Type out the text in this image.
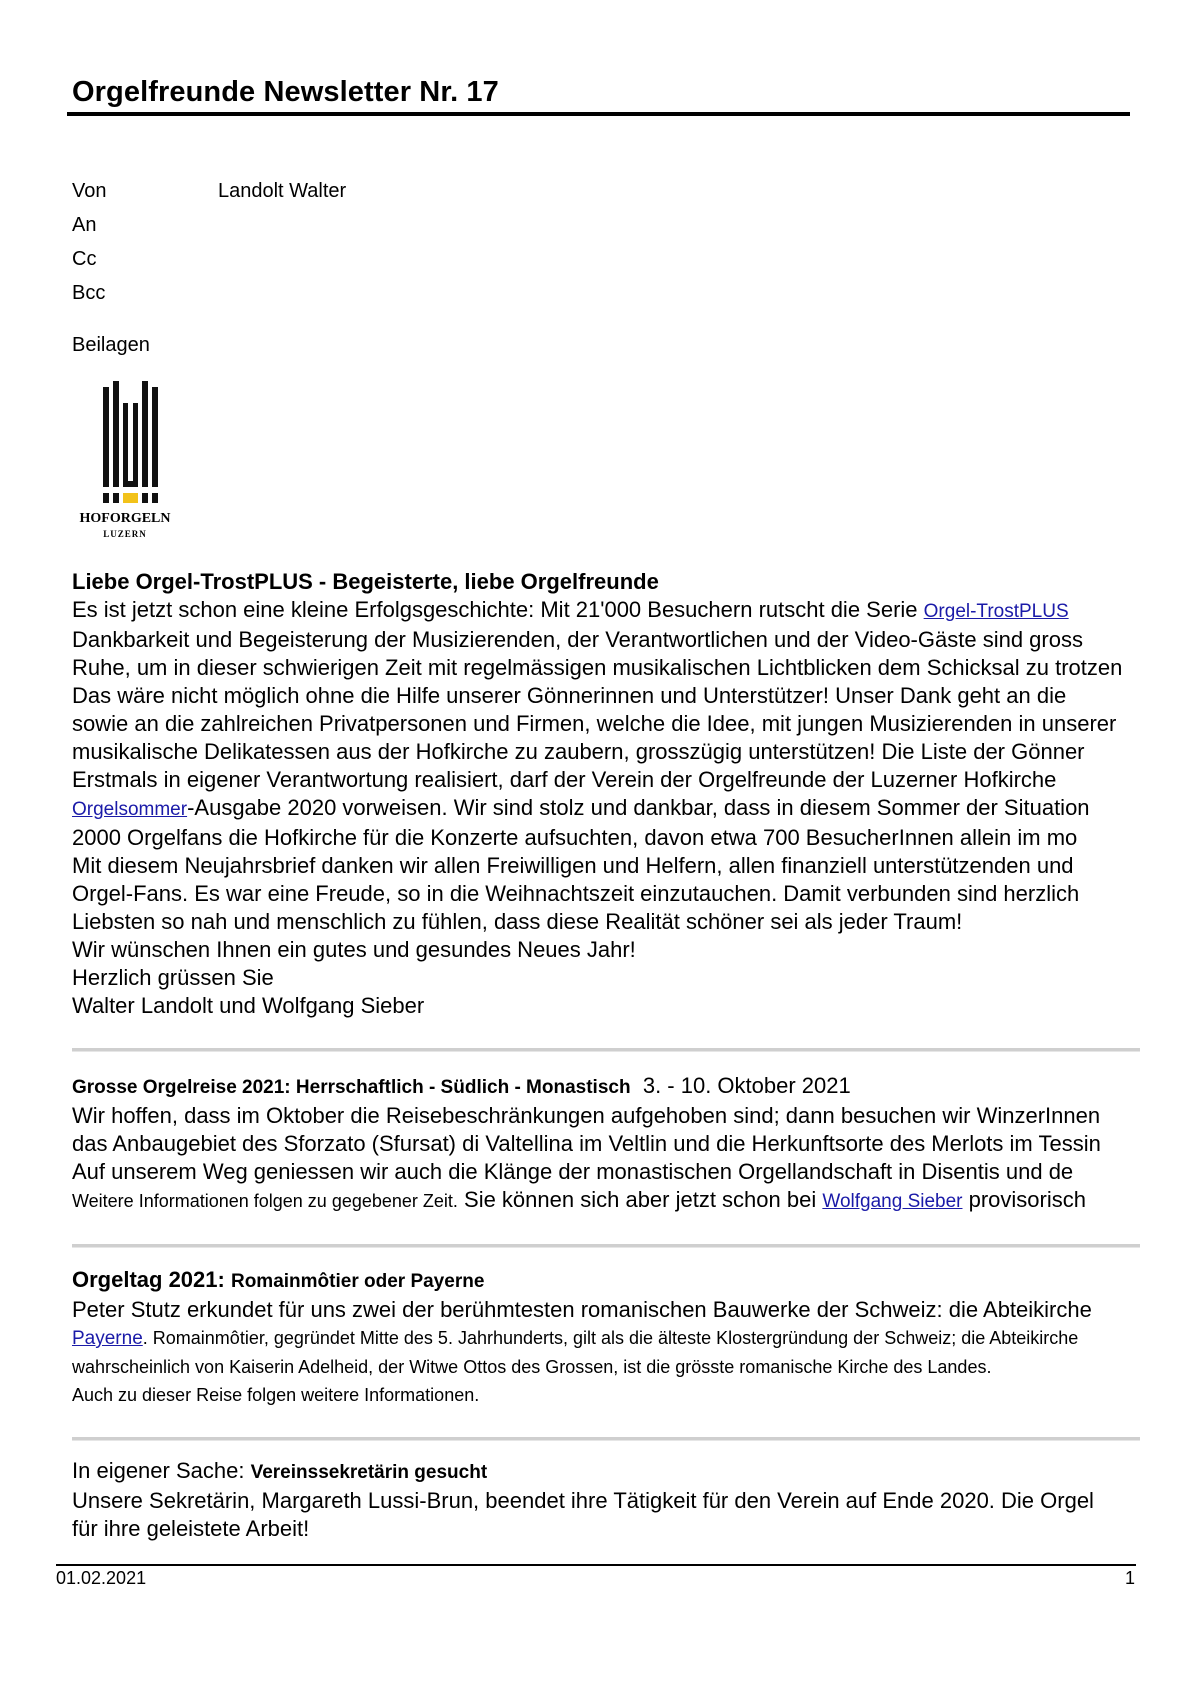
Orgelfreunde Newsletter Nr. 17
Von	Landolt Walter
An
Cc
Bcc
Beilagen
HOFORGELN
LUZERN
Liebe Orgel-TrostPLUS - Begeisterte, liebe Orgelfreunde
Es ist jetzt schon eine kleine Erfolgsgeschichte: Mit 21'000 Besuchern rutscht die Serie Orgel-TrostPLUS
Dankbarkeit und Begeisterung der Musizierenden, der Verantwortlichen und der Video-Gäste sind gross
Ruhe, um in dieser schwierigen Zeit mit regelmässigen musikalischen Lichtblicken dem Schicksal zu trotzen
Das wäre nicht möglich ohne die Hilfe unserer Gönnerinnen und Unterstützer! Unser Dank geht an die
sowie an die zahlreichen Privatpersonen und Firmen, welche die Idee, mit jungen Musizierenden in unserer
musikalische Delikatessen aus der Hofkirche zu zaubern, grosszügig unterstützen! Die Liste der Gönner
Erstmals in eigener Verantwortung realisiert, darf der Verein der Orgelfreunde der Luzerner Hofkirche
Orgelsommer-Ausgabe 2020 vorweisen. Wir sind stolz und dankbar, dass in diesem Sommer der Situation
2000 Orgelfans die Hofkirche für die Konzerte aufsuchten, davon etwa 700 BesucherInnen allein im mo
Mit diesem Neujahrsbrief danken wir allen Freiwilligen und Helfern, allen finanziell unterstützenden und
Orgel-Fans. Es war eine Freude, so in die Weihnachtszeit einzutauchen. Damit verbunden sind herzlich
Liebsten so nah und menschlich zu fühlen, dass diese Realität schöner sei als jeder Traum!
Wir wünschen Ihnen ein gutes und gesundes Neues Jahr!
Herzlich grüssen Sie
Walter Landolt und Wolfgang Sieber
Grosse Orgelreise 2021: Herrschaftlich - Südlich - Monastisch 3. - 10. Oktober 2021
Wir hoffen, dass im Oktober die Reisebeschränkungen aufgehoben sind; dann besuchen wir WinzerInnen
das Anbaugebiet des Sforzato (Sfursat) di Valtellina im Veltlin und die Herkunftsorte des Merlots im Tessin
Auf unserem Weg geniessen wir auch die Klänge der monastischen Orgellandschaft in Disentis und de
Weitere Informationen folgen zu gegebener Zeit. Sie können sich aber jetzt schon bei Wolfgang Sieber provisorisch
Orgeltag 2021: Romainmôtier oder Payerne
Peter Stutz erkundet für uns zwei der berühmtesten romanischen Bauwerke der Schweiz: die Abteikirche
Payerne. Romainmôtier, gegründet Mitte des 5. Jahrhunderts, gilt als die älteste Klostergründung der Schweiz; die Abteikirche
wahrscheinlich von Kaiserin Adelheid, der Witwe Ottos des Grossen, ist die grösste romanische Kirche des Landes.
Auch zu dieser Reise folgen weitere Informationen.
In eigener Sache: Vereinssekretärin gesucht
Unsere Sekretärin, Margareth Lussi-Brun, beendet ihre Tätigkeit für den Verein auf Ende 2020. Die Orgel
für ihre geleistete Arbeit!
01.02.2021	1
